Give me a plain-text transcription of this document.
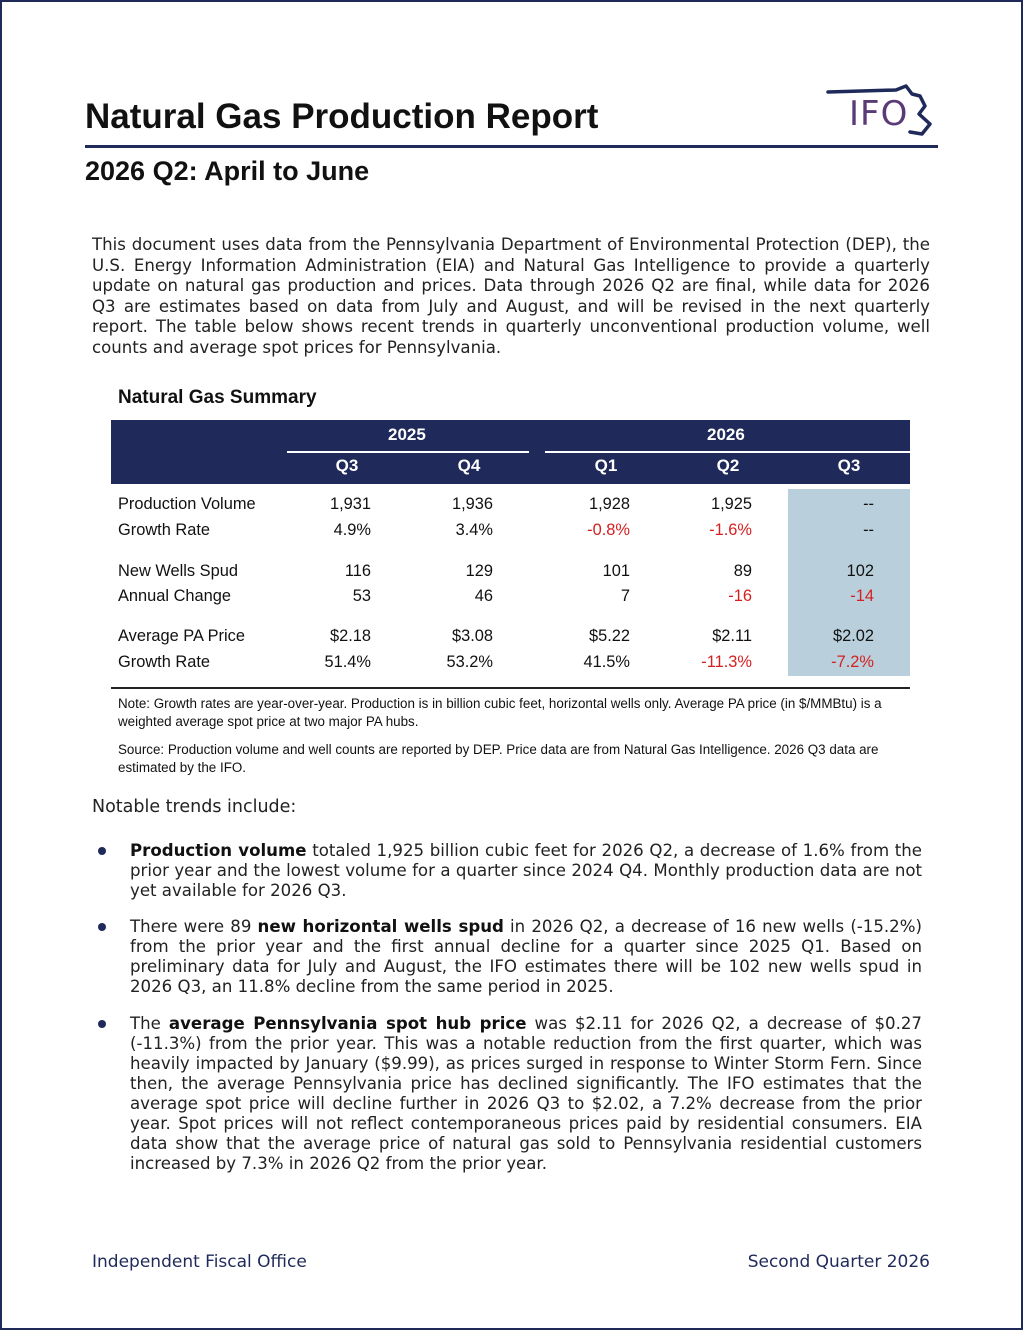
Natural Gas Production Report	IFO
2026 Q2: April to June
This document uses data from the Pennsylvania Department of Environmental Protection (DEP), the U.S. Energy Information Administration (EIA) and Natural Gas Intelligence to provide a quarterly update on natural gas production and prices. Data through 2026 Q2 are final, while data for 2026 Q3 are estimates based on data from July and August, and will be revised in the next quarterly report. The table below shows recent trends in quarterly unconventional production volume, well counts and average spot prices for Pennsylvania.
Natural Gas Summary
2025	2026
Q3	Q4	Q1	Q2	Q3
Production Volume	1,931	1,936	1,928	1,925	--
Growth Rate	4.9%	3.4%	-0.8%	-1.6%	--
New Wells Spud	116	129	101	89	102
Annual Change	53	46	7	-16	-14
Average PA Price	$2.18	$3.08	$5.22	$2.11	$2.02
Growth Rate	51.4%	53.2%	41.5%	-11.3%	-7.2%
Note: Growth rates are year-over-year. Production is in billion cubic feet, horizontal wells only. Average PA price (in $/MMBtu) is a weighted average spot price at two major PA hubs.
Source: Production volume and well counts are reported by DEP. Price data are from Natural Gas Intelligence. 2026 Q3 data are estimated by the IFO.
Notable trends include:
Production volume totaled 1,925 billion cubic feet for 2026 Q2, a decrease of 1.6% from the prior year and the lowest volume for a quarter since 2024 Q4. Monthly production data are not yet available for 2026 Q3.
There were 89 new horizontal wells spud in 2026 Q2, a decrease of 16 new wells (-15.2%) from the prior year and the first annual decline for a quarter since 2025 Q1. Based on preliminary data for July and August, the IFO estimates there will be 102 new wells spud in 2026 Q3, an 11.8% decline from the same period in 2025.
The average Pennsylvania spot hub price was $2.11 for 2026 Q2, a decrease of $0.27 (-11.3%) from the prior year. This was a notable reduction from the first quarter, which was heavily impacted by January ($9.99), as prices surged in response to Winter Storm Fern. Since then, the average Pennsylvania price has declined significantly. The IFO estimates that the average spot price will decline further in 2026 Q3 to $2.02, a 7.2% decrease from the prior year. Spot prices will not reflect contemporaneous prices paid by residential consumers. EIA data show that the average price of natural gas sold to Pennsylvania residential customers increased by 7.3% in 2026 Q2 from the prior year.
Independent Fiscal Office	Second Quarter 2026
